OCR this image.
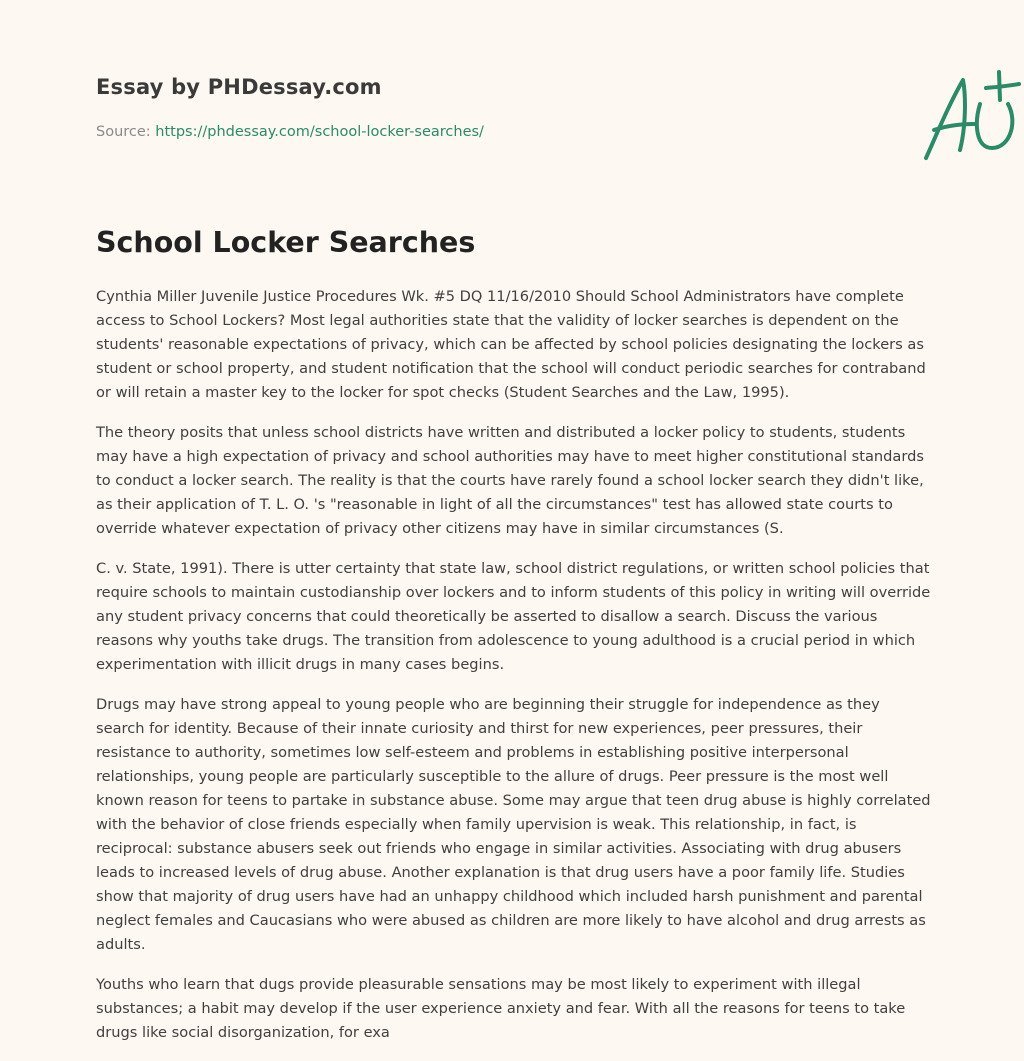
Essay by PHDessay.com
Source: https://phdessay.com/school-locker-searches/
School Locker Searches

Cynthia Miller Juvenile Justice Procedures Wk. #5 DQ 11/16/2010 Should School Administrators have complete access to School Lockers? Most legal authorities state that the validity of locker searches is dependent on the students' reasonable expectations of privacy, which can be affected by school policies designating the lockers as student or school property, and student notification that the school will conduct periodic searches for contraband or will retain a master key to the locker for spot checks (Student Searches and the Law, 1995).

The theory posits that unless school districts have written and distributed a locker policy to students, students may have a high expectation of privacy and school authorities may have to meet higher constitutional standards to conduct a locker search. The reality is that the courts have rarely found a school locker search they didn't like, as their application of T. L. O. 's "reasonable in light of all the circumstances" test has allowed state courts to override whatever expectation of privacy other citizens may have in similar circumstances (S.

C. v. State, 1991). There is utter certainty that state law, school district regulations, or written school policies that require schools to maintain custodianship over lockers and to inform students of this policy in writing will override any student privacy concerns that could theoretically be asserted to disallow a search. Discuss the various reasons why youths take drugs. The transition from adolescence to young adulthood is a crucial period in which experimentation with illicit drugs in many cases begins.

Drugs may have strong appeal to young people who are beginning their struggle for independence as they search for identity. Because of their innate curiosity and thirst for new experiences, peer pressures, their resistance to authority, sometimes low self-esteem and problems in establishing positive interpersonal relationships, young people are particularly susceptible to the allure of drugs. Peer pressure is the most well known reason for teens to partake in substance abuse. Some may argue that teen drug abuse is highly correlated with the behavior of close friends especially when family upervision is weak. This relationship, in fact, is reciprocal: substance abusers seek out friends who engage in similar activities. Associating with drug abusers leads to increased levels of drug abuse. Another explanation is that drug users have a poor family life. Studies show that majority of drug users have had an unhappy childhood which included harsh punishment and parental neglect females and Caucasians who were abused as children are more likely to have alcohol and drug arrests as adults.

Youths who learn that dugs provide pleasurable sensations may be most likely to experiment with illegal substances; a habit may develop if the user experience anxiety and fear. With all the reasons for teens to take drugs like social disorganization, for exa
